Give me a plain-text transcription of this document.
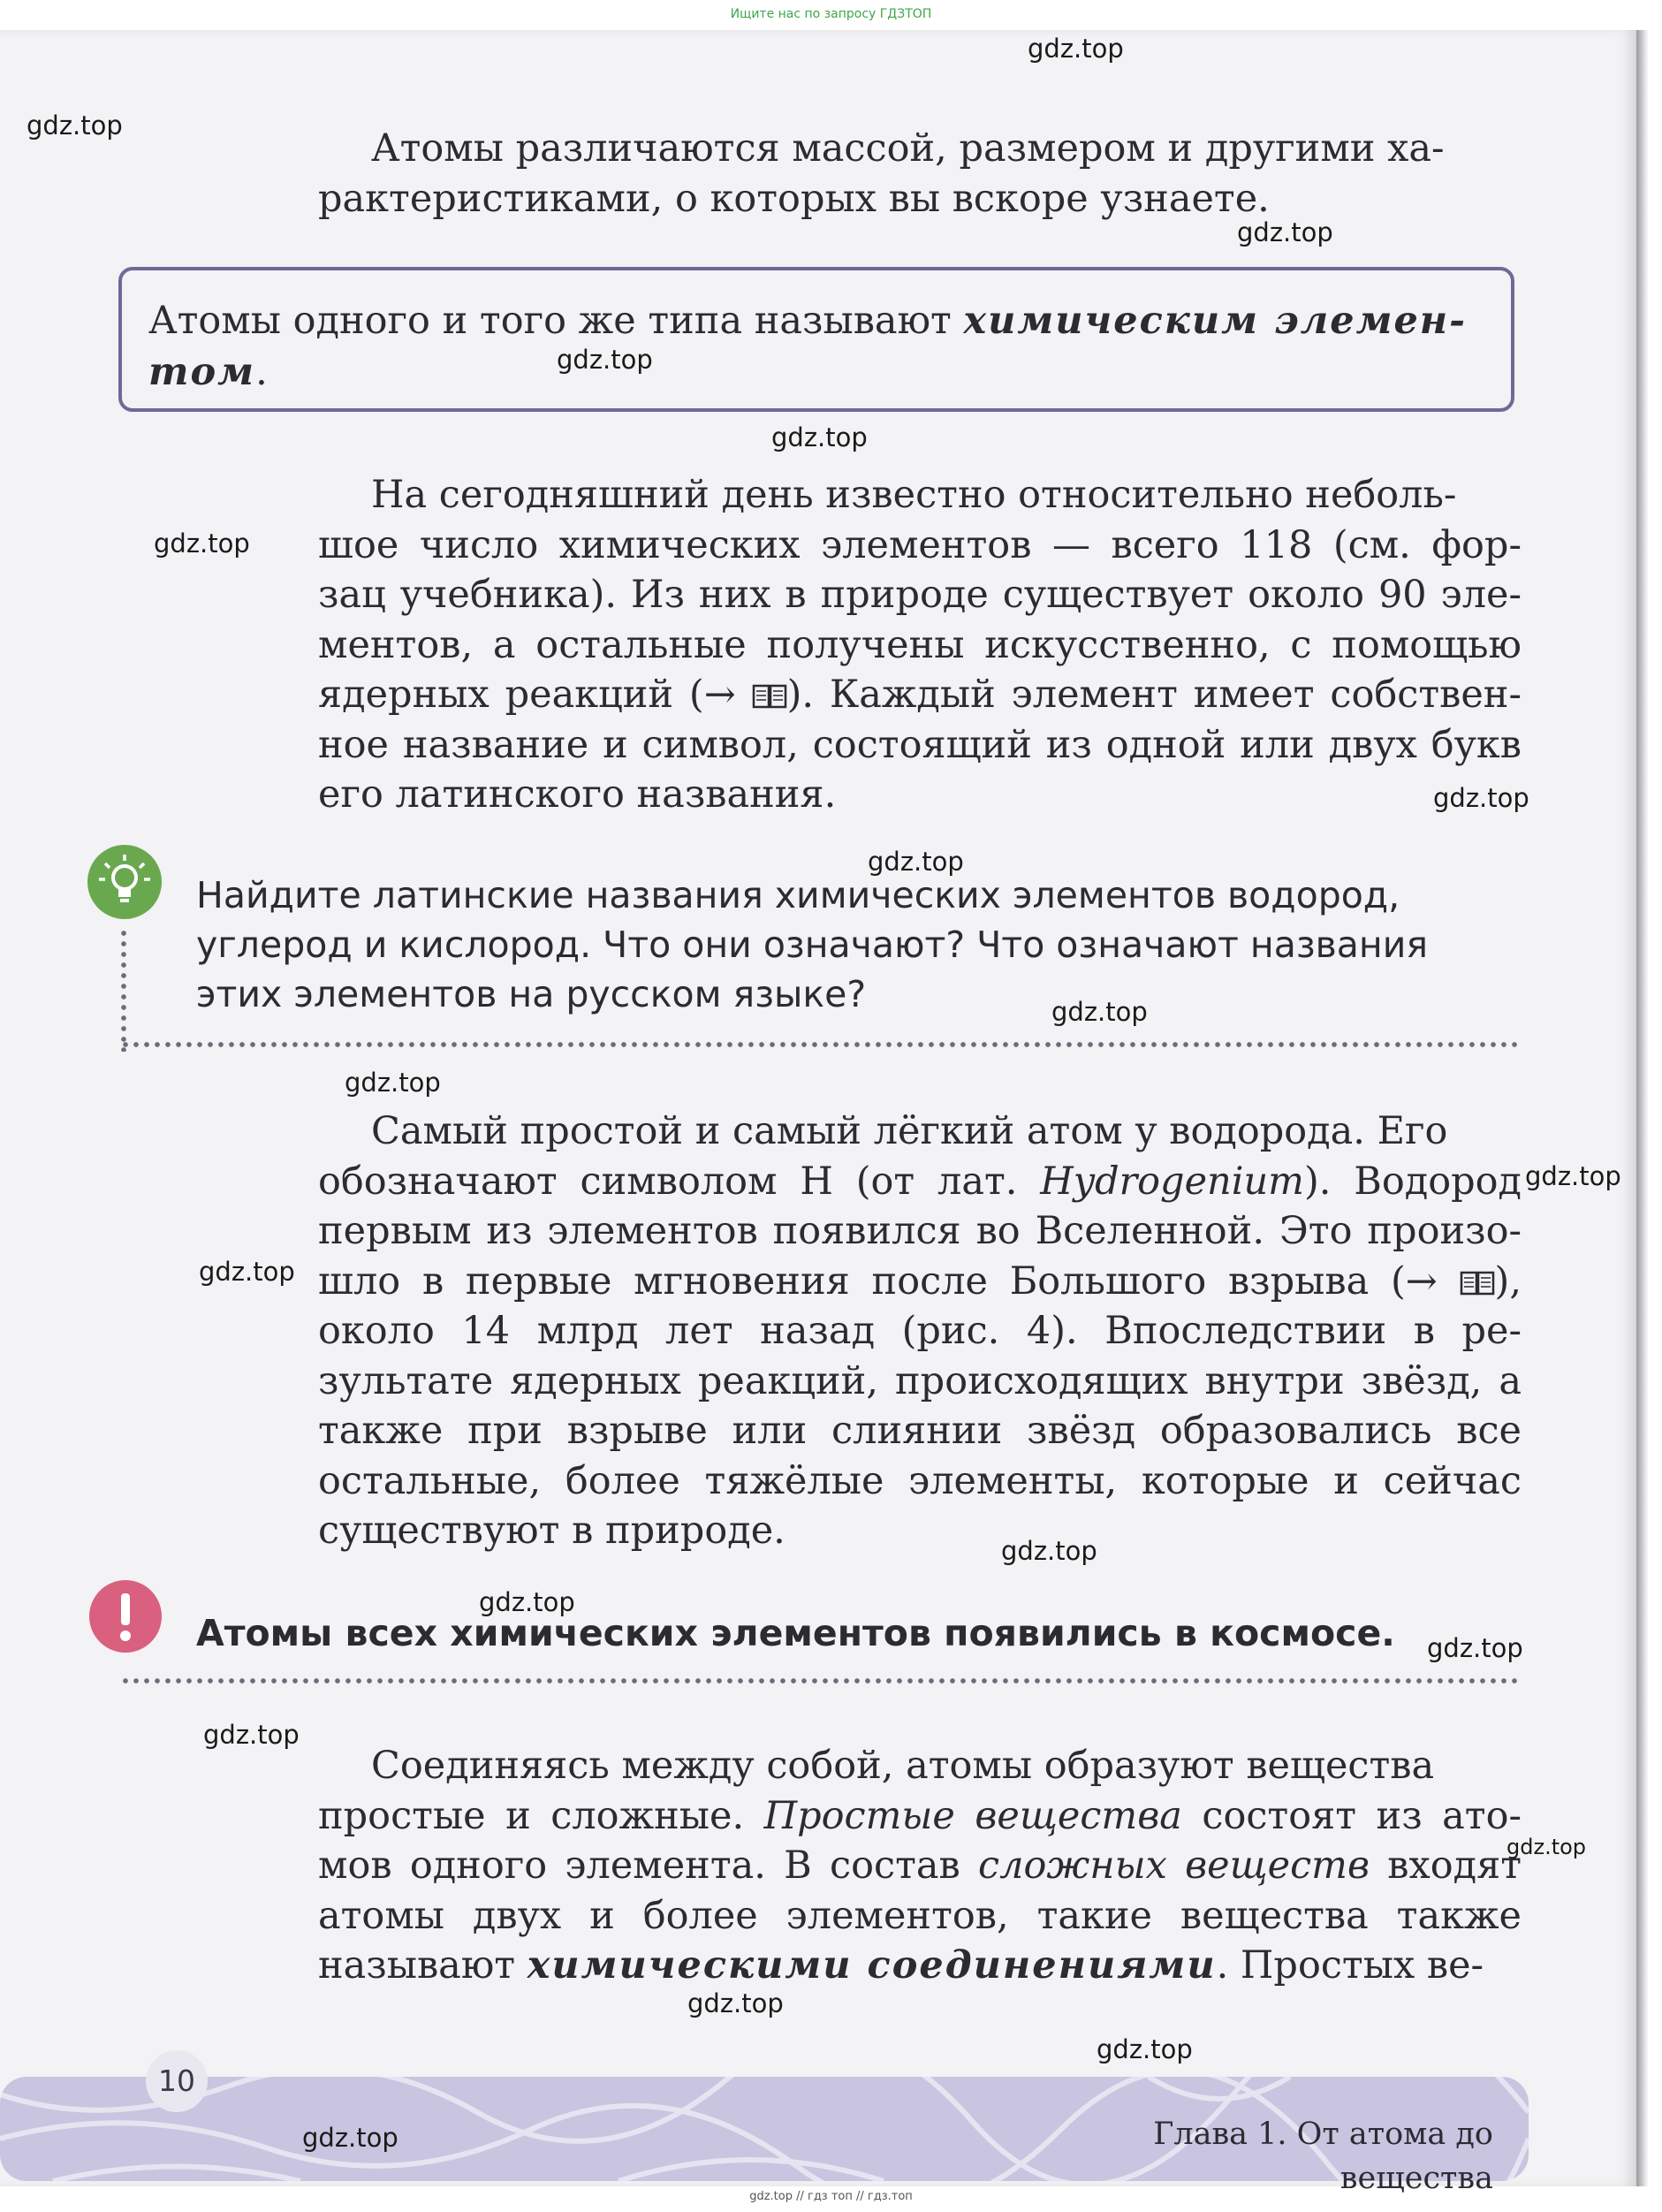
Ищите нас по запросу ГДЗТОП

Атомы различаются массой, размером и другими ха-
рактеристиками, о которых вы вскоре узнаете.

Атомы одного и того же типа называют химическим элемен-
том.

На сегодняшний день известно относительно неболь-
шое число химических элементов — всего 118 (см. фор- зац учебника). Из них в природе существует около 90 эле- ментов, а остальные получены искусственно, с помощью ядерных реакций (→ ). Каждый элемент имеет собствен- ное название и символ, состоящий из одной или двух букв его латинского названия.

Найдите латинские названия химических элементов водород,
углерод и кислород. Что они означают? Что означают названия
этих элементов на русском языке?

Самый простой и самый лёгкий атом у водорода. Его
обозначают символом H (от лат. Hydrogenium). Водород первым из элементов появился во Вселенной. Это произо- шло в первые мгновения после Большого взрыва (→ ), около 14 млрд лет назад (рис. 4). Впоследствии в ре- зультате ядерных реакций, происходящих внутри звёзд, а также при взрыве или слиянии звёзд образовались все остальные, более тяжёлые элементы, которые и сейчас существуют в природе.

Атомы всех химических элементов появились в космосе.

Соединяясь между собой, атомы образуют вещества
простые и сложные. Простые вещества состоят из ато- мов одного элемента. В состав сложных веществ входят атомы двух и более элементов, такие вещества также называют химическими соединениями. Простых ве-

10
Глава 1. От атома до вещества
gdz.top
gdz.top
gdz.top
gdz.top
gdz.top
gdz.top
gdz.top
gdz.top
gdz.top
gdz.top
gdz.top
gdz.top
gdz.top
gdz.top
gdz.top
gdz.top
gdz.top
gdz.top
gdz.top
gdz.top
gdz.top // гдз топ // гдз.топ
